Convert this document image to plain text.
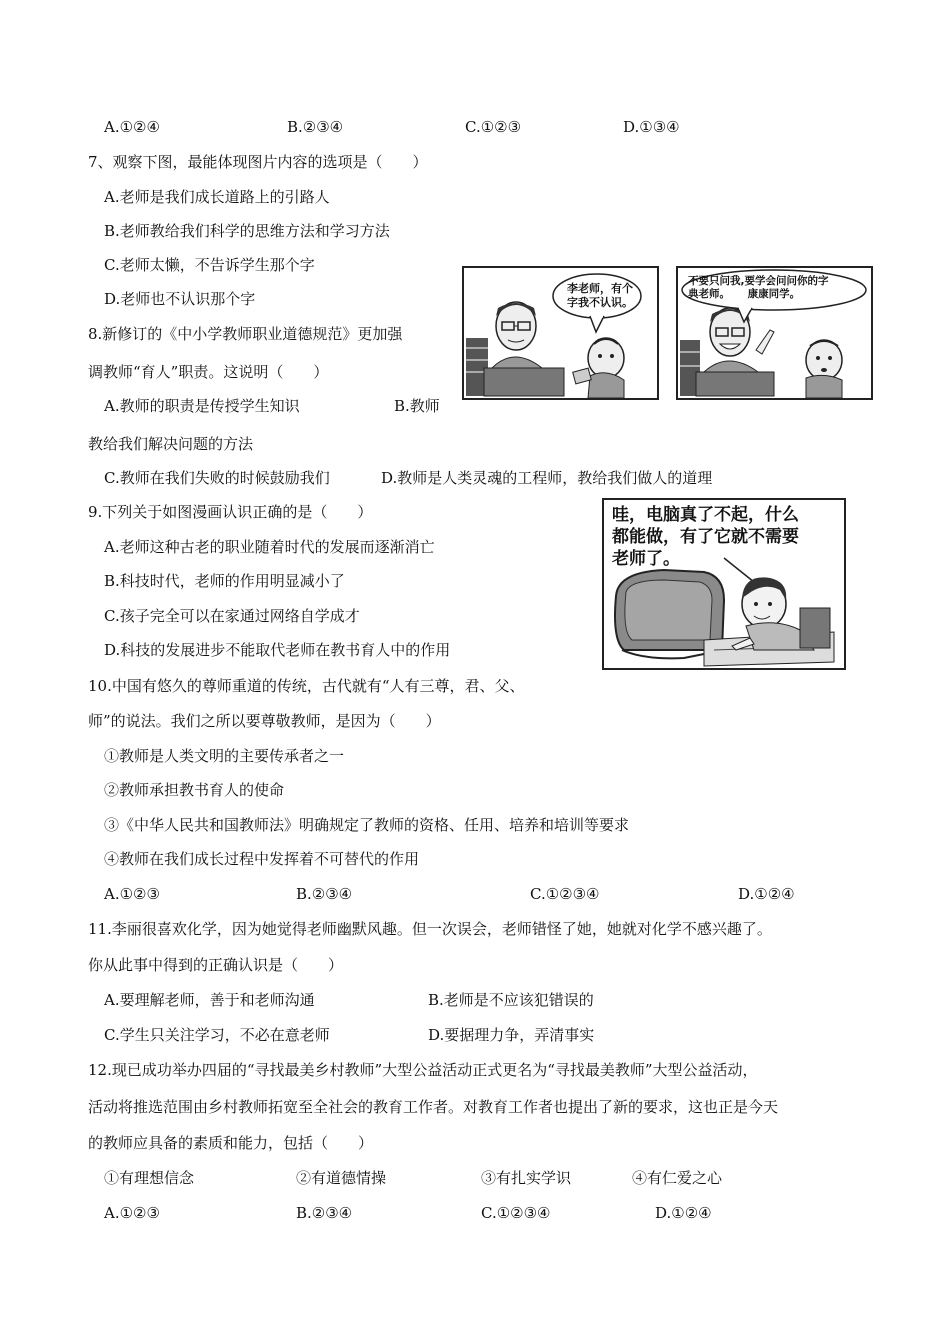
A.①②④	B.②③④	C.①②③	D.①③④
7、观察下图，最能体现图片内容的选项是（　　）
A.老师是我们成长道路上的引路人
B.老师教给我们科学的思维方法和学习方法
C.老师太懒，不告诉学生那个字
D.老师也不认识那个字
李老师，有个
字我不认识。
不要只问我,要学会问问你的字
典老师。 康康同学。
8.新修订的《中小学教师职业道德规范》更加强
调教师“育人”职责。这说明（　　）
A.教师的职责是传授学生知识	B.教师
教给我们解决问题的方法
C.教师在我们失败的时候鼓励我们	D.教师是人类灵魂的工程师，教给我们做人的道理
9.下列关于如图漫画认识正确的是（　　）
A.老师这种古老的职业随着时代的发展而逐渐消亡
B.科技时代，老师的作用明显减小了
C.孩子完全可以在家通过网络自学成才
D.科技的发展进步不能取代老师在教书育人中的作用
哇，电脑真了不起，什么
都能做，有了它就不需要
老师了。
10.中国有悠久的尊师重道的传统，古代就有“人有三尊，君、父、
师”的说法。我们之所以要尊敬教师，是因为（　　）
①教师是人类文明的主要传承者之一
②教师承担教书育人的使命
③《中华人民共和国教师法》明确规定了教师的资格、任用、培养和培训等要求
④教师在我们成长过程中发挥着不可替代的作用
A.①②③	B.②③④	C.①②③④	D.①②④
11.李丽很喜欢化学，因为她觉得老师幽默风趣。但一次误会，老师错怪了她，她就对化学不感兴趣了。
你从此事中得到的正确认识是（　　）
A.要理解老师，善于和老师沟通	B.老师是不应该犯错误的
C.学生只关注学习，不必在意老师	D.要据理力争，弄清事实
12.现已成功举办四届的“寻找最美乡村教师”大型公益活动正式更名为“寻找最美教师”大型公益活动，
活动将推选范围由乡村教师拓宽至全社会的教育工作者。对教育工作者也提出了新的要求，这也正是今天
的教师应具备的素质和能力，包括（　　）
①有理想信念	②有道德情操	③有扎实学识	④有仁爱之心
A.①②③	B.②③④	C.①②③④	D.①②④
